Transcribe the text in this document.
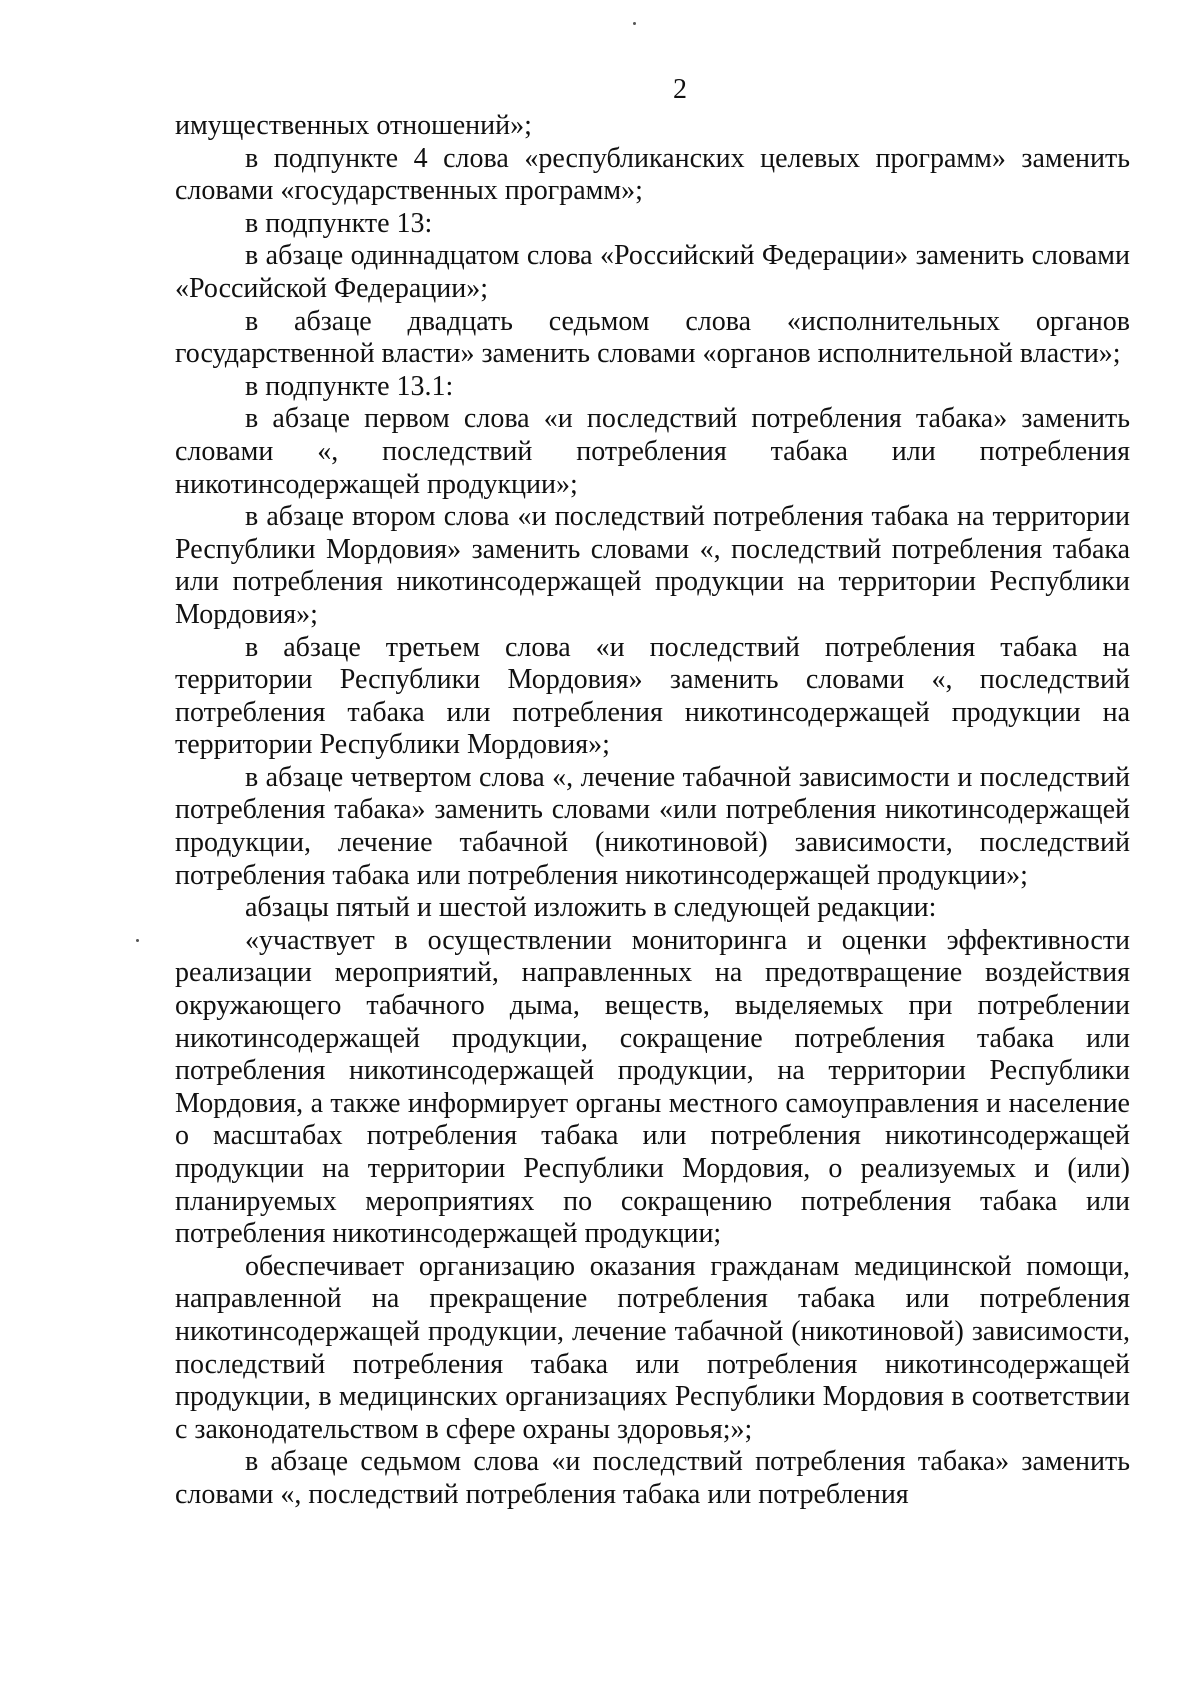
2

имущественных отношений»;

в подпункте 4 слова «республиканских целевых программ» заменить словами «государственных программ»;

в подпункте 13:

в абзаце одиннадцатом слова «Российский Федерации» заменить словами «Российской Федерации»;

в абзаце двадцать седьмом слова «исполнительных органов государственной власти» заменить словами «органов исполнительной власти»;

в подпункте 13.1:

в абзаце первом слова «и последствий потребления табака» заменить словами «, последствий потребления табака или потребления никотинсодержащей продукции»;

в абзаце втором слова «и последствий потребления табака на территории Республики Мордовия» заменить словами «, последствий потребления табака или потребления никотинсодержащей продукции на территории Республики Мордовия»;

в абзаце третьем слова «и последствий потребления табака на территории Республики Мордовия» заменить словами «, последствий потребления табака или потребления никотинсодержащей продукции на территории Республики Мордовия»;

в абзаце четвертом слова «, лечение табачной зависимости и последствий потребления табака» заменить словами «или потребления никотинсодержащей продукции, лечение табачной (никотиновой) зависимости, последствий потребления табака или потребления никотинсодержащей продукции»;

абзацы пятый и шестой изложить в следующей редакции:

«участвует в осуществлении мониторинга и оценки эффективности реализации мероприятий, направленных на предотвращение воздействия окружающего табачного дыма, веществ, выделяемых при потреблении никотинсодержащей продукции, сокращение потребления табака или потребления никотинсодержащей продукции, на территории Республики Мордовия, а также информирует органы местного самоуправления и население о масштабах потребления табака или потребления никотинсодержащей продукции на территории Республики Мордовия, о реализуемых и (или) планируемых мероприятиях по сокращению потребления табака или потребления никотинсодержащей продукции;

обеспечивает организацию оказания гражданам медицинской помощи, направленной на прекращение потребления табака или потребления никотинсодержащей продукции, лечение табачной (никотиновой) зависимости, последствий потребления табака или потребления никотинсодержащей продукции, в медицинских организациях Республики Мордовия в соответствии с законодательством в сфере охраны здоровья;»;

в абзаце седьмом слова «и последствий потребления табака» заменить словами «, последствий потребления табака или потребления
